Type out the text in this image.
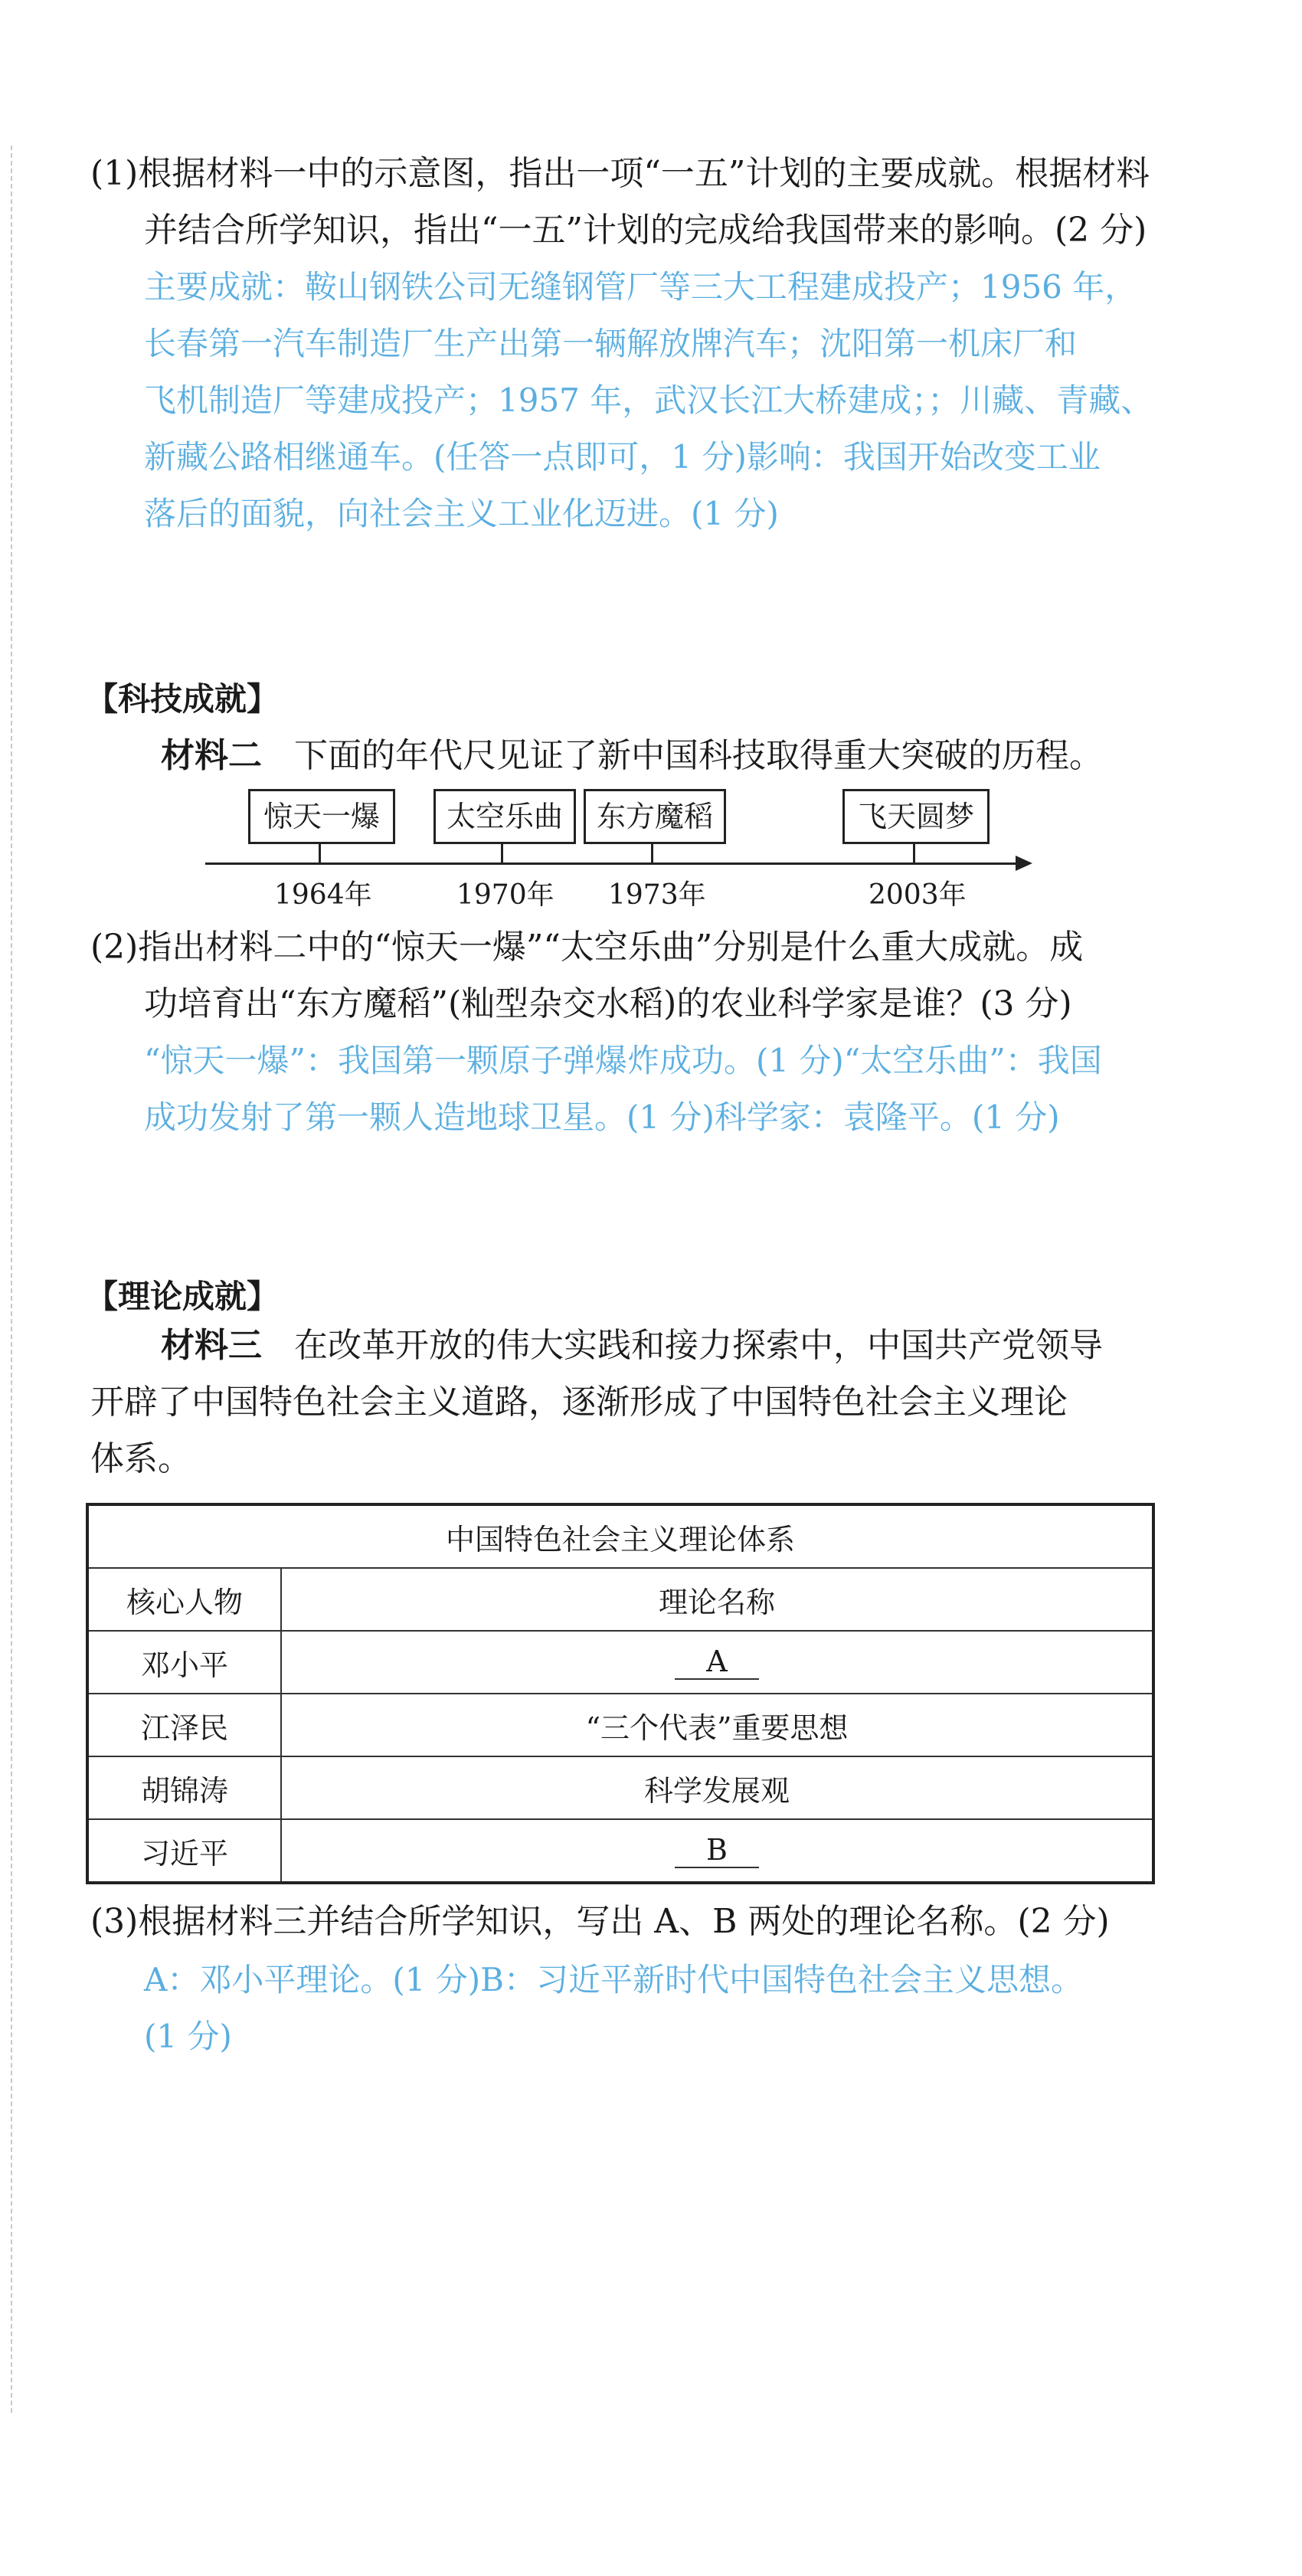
(1)根据材料一中的示意图，指出一项“一五”计划的主要成就。根据材料

并结合所学知识，指出“一五”计划的完成给我国带来的影响。(2 分)
主要成就：鞍山钢铁公司无缝钢管厂等三大工程建成投产；1956 年，
长春第一汽车制造厂生产出第一辆解放牌汽车；沈阳第一机床厂和
飞机制造厂等建成投产；1957 年，武汉长江大桥建成；；川藏、青藏、
新藏公路相继通车。(任答一点即可，1 分)影响：我国开始改变工业
落后的面貌，向社会主义工业化迈进。(1 分)
【科技成就】
材料二 下面的年代尺见证了新中国科技取得重大突破的历程。
惊天一爆
1964年
太空乐曲
1970年
东方魔稻
1973年
飞天圆梦
2003年
(2)指出材料二中的“惊天一爆”“太空乐曲”分别是什么重大成就。成

功培育出“东方魔稻”(籼型杂交水稻)的农业科学家是谁？(3 分)
“惊天一爆”：我国第一颗原子弹爆炸成功。(1 分)“太空乐曲”：我国
成功发射了第一颗人造地球卫星。(1 分)科学家：袁隆平。(1 分)
【理论成就】
材料三 在改革开放的伟大实践和接力探索中，中国共产党领导
开辟了中国特色社会主义道路，逐渐形成了中国特色社会主义理论
体系。
中国特色社会主义理论体系	
核心人物	理论名称
邓小平	A
江泽民	“三个代表”重要思想
胡锦涛	科学发展观
习近平	B
(3)根据材料三并结合所学知识，写出 A、B 两处的理论名称。(2 分)
A：邓小平理论。(1 分)B：习近平新时代中国特色社会主义思想。
(1 分)
